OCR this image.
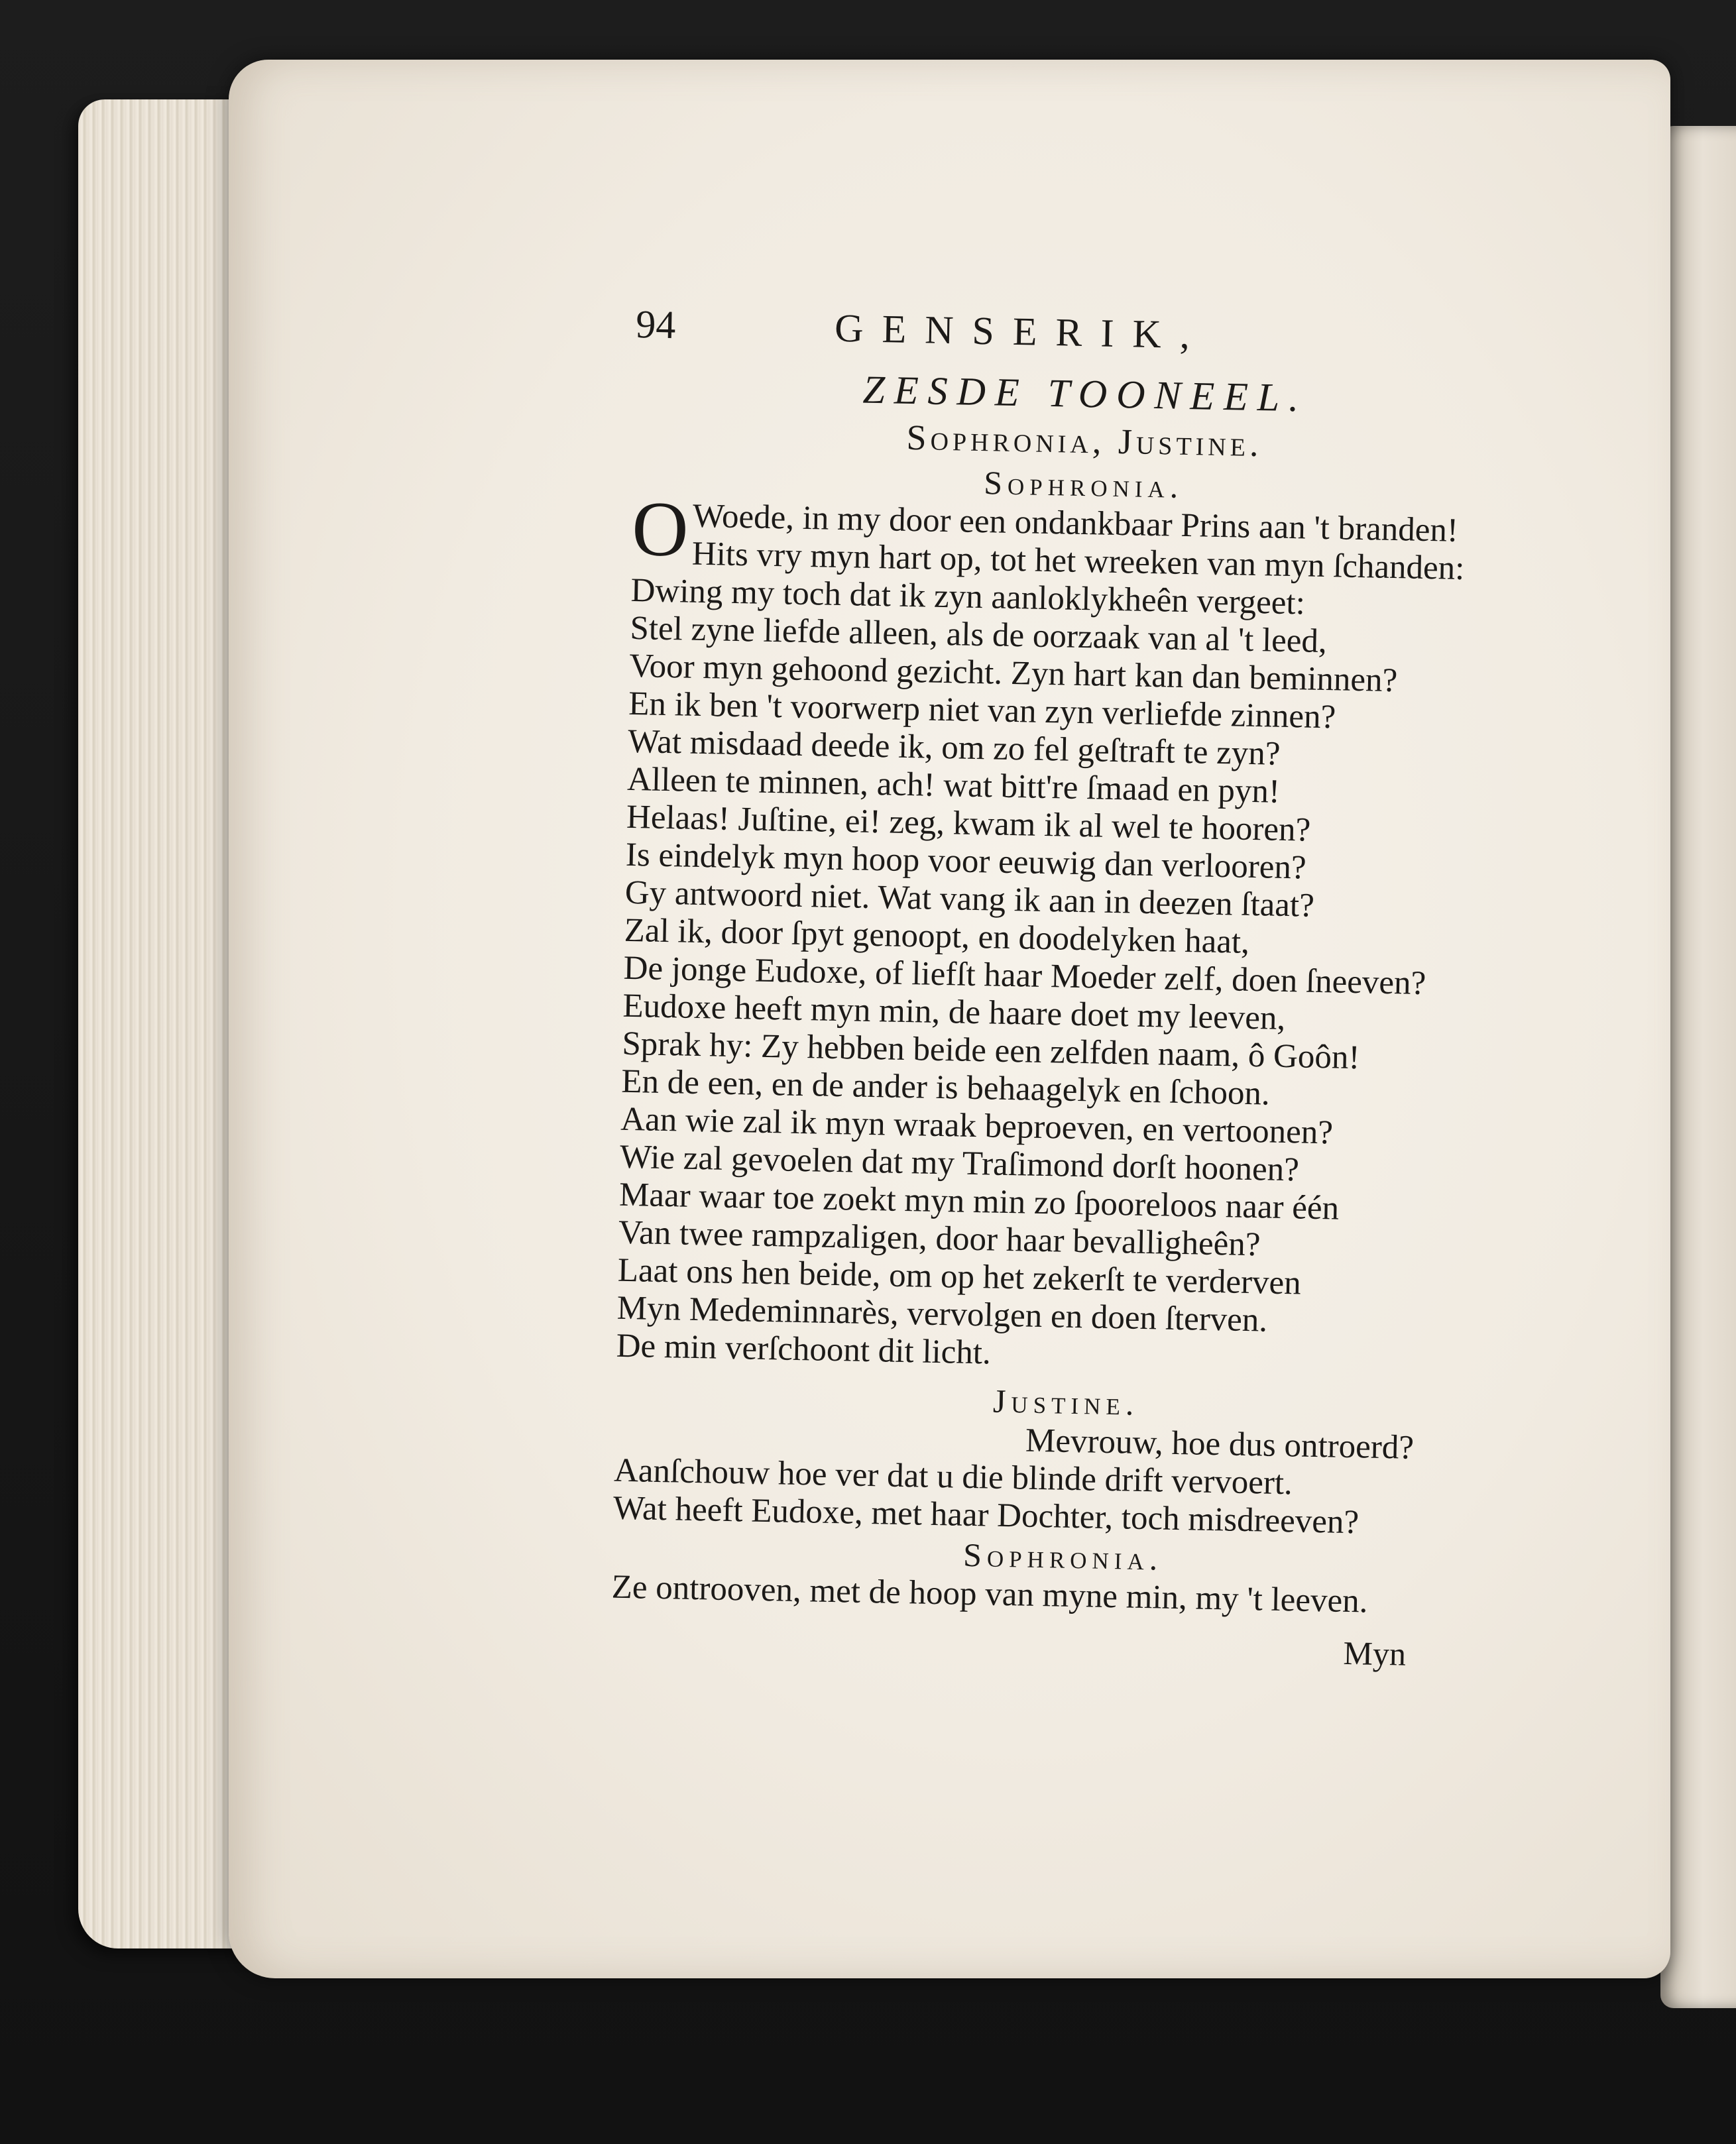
94	GENSERIK,
ZESDE TOONEEL.
Sophronia, Justine.
Sophronia.
O Woede, in my door een ondankbaar Prins aan 't branden!
Hits vry myn hart op, tot het wreeken van myn ſchanden:
Dwing my toch dat ik zyn aanloklykheên vergeet:
Stel zyne liefde alleen, als de oorzaak van al 't leed,
Voor myn gehoond gezicht. Zyn hart kan dan beminnen?
En ik ben 't voorwerp niet van zyn verliefde zinnen?
Wat misdaad deede ik, om zo fel geſtraft te zyn?
Alleen te minnen, ach! wat bitt're ſmaad en pyn!
Helaas! Juſtine, ei! zeg, kwam ik al wel te hooren?
Is eindelyk myn hoop voor eeuwig dan verlooren?
Gy antwoord niet. Wat vang ik aan in deezen ſtaat?
Zal ik, door ſpyt genoopt, en doodelyken haat,
De jonge Eudoxe, of liefſt haar Moeder zelf, doen ſneeven?
Eudoxe heeft myn min, de haare doet my leeven,
Sprak hy: Zy hebben beide een zelfden naam, ô Goôn!
En de een, en de ander is behaagelyk en ſchoon.
Aan wie zal ik myn wraak beproeven, en vertoonen?
Wie zal gevoelen dat my Traſimond dorſt hoonen?
Maar waar toe zoekt myn min zo ſpooreloos naar één
Van twee rampzaligen, door haar bevalligheên?
Laat ons hen beide, om op het zekerſt te verderven
Myn Medeminnarès, vervolgen en doen ſterven.
De min verſchoont dit licht.
Justine.
Mevrouw, hoe dus ontroerd?
Aanſchouw hoe ver dat u die blinde drift vervoert.
Wat heeft Eudoxe, met haar Dochter, toch misdreeven?
Sophronia.
Ze ontrooven, met de hoop van myne min, my 't leeven.
Myn
